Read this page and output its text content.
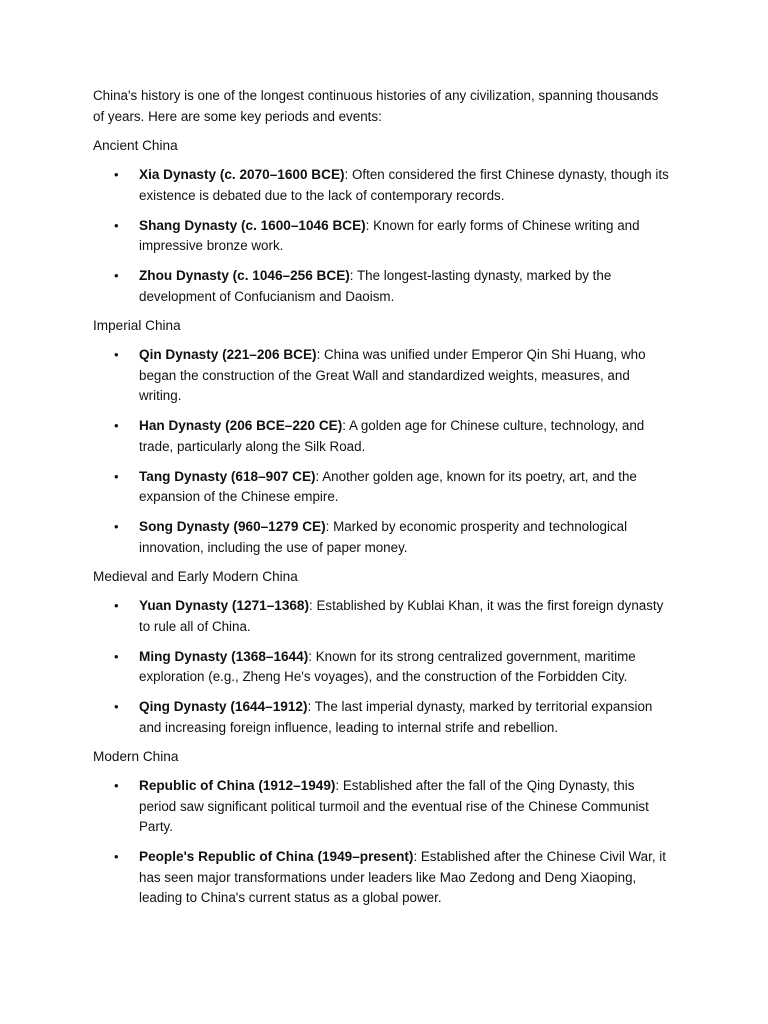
China's history is one of the longest continuous histories of any civilization, spanning thousands of years. Here are some key periods and events:

Ancient China
• Xia Dynasty (c. 2070–1600 BCE): Often considered the first Chinese dynasty, though its existence is debated due to the lack of contemporary records.
• Shang Dynasty (c. 1600–1046 BCE): Known for early forms of Chinese writing and impressive bronze work.
• Zhou Dynasty (c. 1046–256 BCE): The longest-lasting dynasty, marked by the development of Confucianism and Daoism.
Imperial China
• Qin Dynasty (221–206 BCE): China was unified under Emperor Qin Shi Huang, who began the construction of the Great Wall and standardized weights, measures, and writing.
• Han Dynasty (206 BCE–220 CE): A golden age for Chinese culture, technology, and trade, particularly along the Silk Road.
• Tang Dynasty (618–907 CE): Another golden age, known for its poetry, art, and the expansion of the Chinese empire.
• Song Dynasty (960–1279 CE): Marked by economic prosperity and technological innovation, including the use of paper money.
Medieval and Early Modern China
• Yuan Dynasty (1271–1368): Established by Kublai Khan, it was the first foreign dynasty to rule all of China.
• Ming Dynasty (1368–1644): Known for its strong centralized government, maritime exploration (e.g., Zheng He's voyages), and the construction of the Forbidden City.
• Qing Dynasty (1644–1912): The last imperial dynasty, marked by territorial expansion and increasing foreign influence, leading to internal strife and rebellion.
Modern China
• Republic of China (1912–1949): Established after the fall of the Qing Dynasty, this period saw significant political turmoil and the eventual rise of the Chinese Communist Party.
• People's Republic of China (1949–present): Established after the Chinese Civil War, it has seen major transformations under leaders like Mao Zedong and Deng Xiaoping, leading to China's current status as a global power.
